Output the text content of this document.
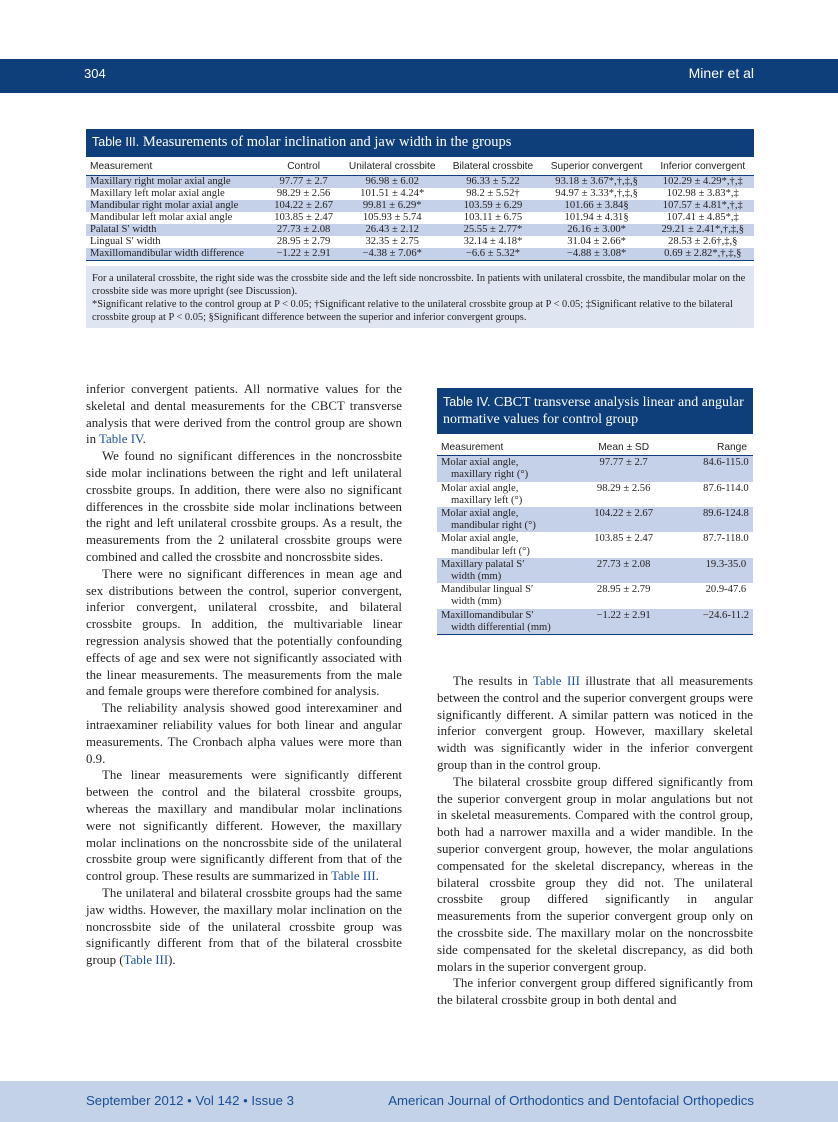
304	Miner et al
Table III. Measurements of molar inclination and jaw width in the groups
Measurement	Control	Unilateral crossbite	Bilateral crossbite	Superior convergent	Inferior convergent
Maxillary right molar axial angle	97.77 ± 2.7	96.98 ± 6.02	96.33 ± 5.22	93.18 ± 3.67*,†,‡,§	102.29 ± 4.29*,†,‡
Maxillary left molar axial angle	98.29 ± 2.56	101.51 ± 4.24*	98.2 ± 5.52†	94.97 ± 3.33*,†,‡,§	102.98 ± 3.83*,‡
Mandibular right molar axial angle	104.22 ± 2.67	99.81 ± 6.29*	103.59 ± 6.29	101.66 ± 3.84§	107.57 ± 4.81*,†,‡
Mandibular left molar axial angle	103.85 ± 2.47	105.93 ± 5.74	103.11 ± 6.75	101.94 ± 4.31§	107.41 ± 4.85*,‡
Palatal S′ width	27.73 ± 2.08	26.43 ± 2.12	25.55 ± 2.77*	26.16 ± 3.00*	29.21 ± 2.41*,†,‡,§
Lingual S′ width	28.95 ± 2.79	32.35 ± 2.75	32.14 ± 4.18*	31.04 ± 2.66*	28.53 ± 2.6†,‡,§
Maxillomandibular width difference	−1.22 ± 2.91	−4.38 ± 7.06*	−6.6 ± 5.32*	−4.88 ± 3.08*	0.69 ± 2.82*,†,‡,§

For a unilateral crossbite, the right side was the crossbite side and the left side noncrossbite. In patients with unilateral crossbite, the mandibular molar on the crossbite side was more upright (see Discussion).

*Significant relative to the control group at P < 0.05; †Significant relative to the unilateral crossbite group at P < 0.05; ‡Significant relative to the bilateral crossbite group at P < 0.05; §Significant difference between the superior and inferior convergent groups.

inferior convergent patients. All normative values for the skeletal and dental measurements for the CBCT transverse analysis that were derived from the control group are shown in Table IV.

We found no significant differences in the noncrossbite side molar inclinations between the right and left unilateral crossbite groups. In addition, there were also no significant differences in the crossbite side molar inclinations between the right and left unilateral crossbite groups. As a result, the measurements from the 2 unilateral crossbite groups were combined and called the crossbite and noncrossbite sides.

There were no significant differences in mean age and sex distributions between the control, superior convergent, inferior convergent, unilateral crossbite, and bilateral crossbite groups. In addition, the multivariable linear regression analysis showed that the potentially confounding effects of age and sex were not significantly associated with the linear measurements. The measurements from the male and female groups were therefore combined for analysis.

The reliability analysis showed good interexaminer and intraexaminer reliability values for both linear and angular measurements. The Cronbach alpha values were more than 0.9.

The linear measurements were significantly different between the control and the bilateral crossbite groups, whereas the maxillary and mandibular molar inclinations were not significantly different. However, the maxillary molar inclinations on the noncrossbite side of the unilateral crossbite group were significantly different from that of the control group. These results are summarized in Table III.

The unilateral and bilateral crossbite groups had the same jaw widths. However, the maxillary molar inclination on the noncrossbite side of the unilateral crossbite group was significantly different from that of the bilateral crossbite group (Table III).

Table IV. CBCT transverse analysis linear and angular normative values for control group
Measurement	Mean ± SD	Range

Molar axial angle,
maxillary right (°)	97.77 ± 2.7	84.6-115.0

Molar axial angle,
maxillary left (°)	98.29 ± 2.56	87.6-114.0

Molar axial angle,
mandibular right (°)	104.22 ± 2.67	89.6-124.8

Molar axial angle,
mandibular left (°)	103.85 ± 2.47	87.7-118.0

Maxillary palatal S′
width (mm)	27.73 ± 2.08	19.3-35.0

Mandibular lingual S′
width (mm)	28.95 ± 2.79	20.9-47.6

Maxillomandibular S′
width differential (mm)	−1.22 ± 2.91	−24.6-11.2

The results in Table III illustrate that all measurements between the control and the superior convergent groups were significantly different. A similar pattern was noticed in the inferior convergent group. However, maxillary skeletal width was significantly wider in the inferior convergent group than in the control group.

The bilateral crossbite group differed significantly from the superior convergent group in molar angulations but not in skeletal measurements. Compared with the control group, both had a narrower maxilla and a wider mandible. In the superior convergent group, however, the molar angulations compensated for the skeletal discrepancy, whereas in the bilateral crossbite group they did not. The unilateral crossbite group differed significantly in angular measurements from the superior convergent group only on the crossbite side. The maxillary molar on the noncrossbite side compensated for the skeletal discrepancy, as did both molars in the superior convergent group.

The inferior convergent group differed significantly from the bilateral crossbite group in both dental and

September 2012 • Vol 142 • Issue 3	American Journal of Orthodontics and Dentofacial Orthopedics
